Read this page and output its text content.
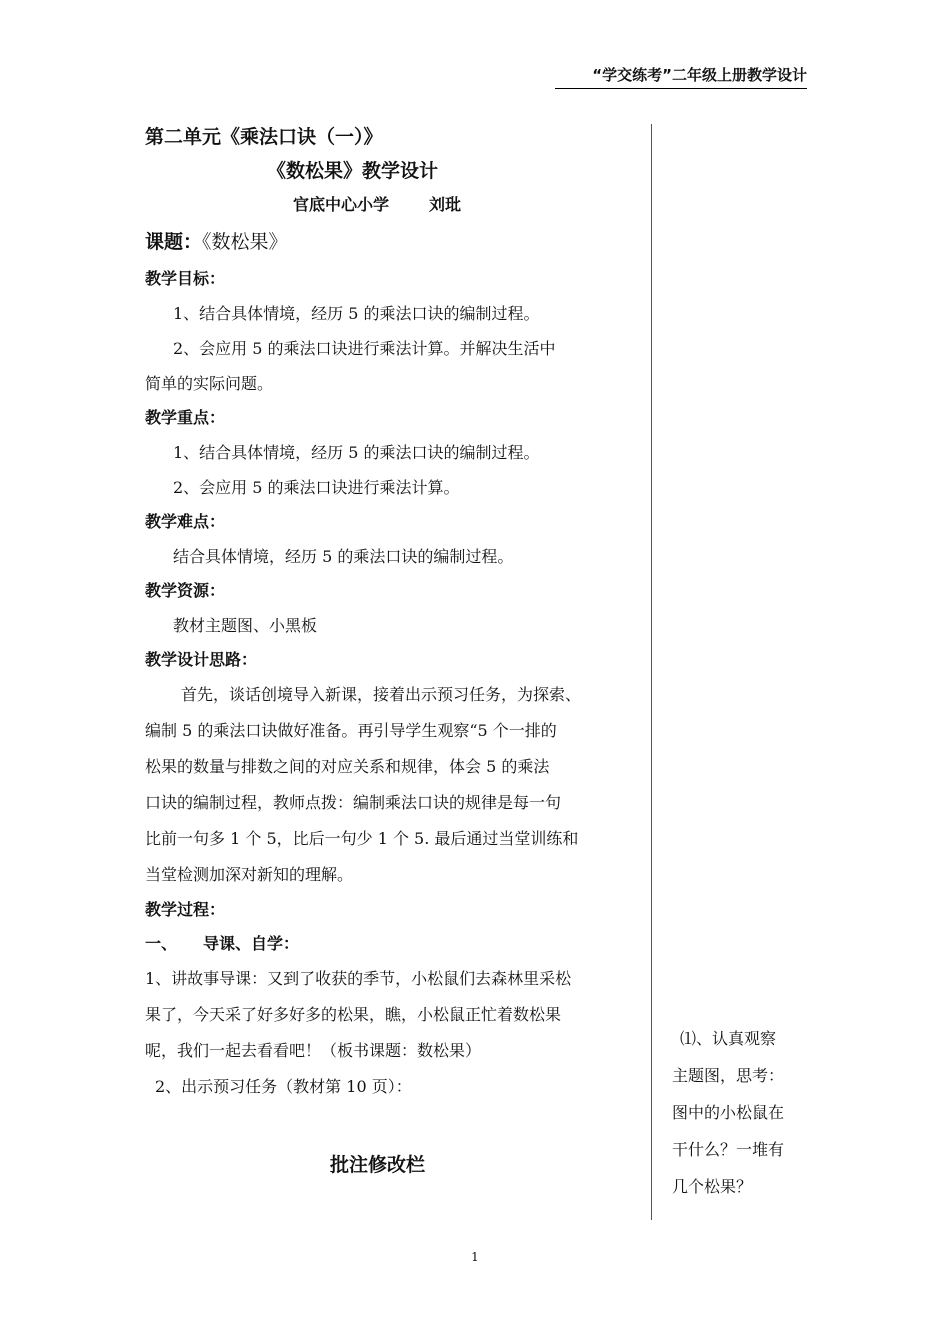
“学交练考”二年级上册教学设计
第二单元《乘法口诀（一）》
《数松果》教学设计
官底中心小学	刘玭
课题：《数松果》
教学目标：
1、结合具体情境，经历 5 的乘法口诀的编制过程。
2、会应用 5 的乘法口诀进行乘法计算。并解决生活中
简单的实际问题。
教学重点：
1、结合具体情境，经历 5 的乘法口诀的编制过程。
2、会应用 5 的乘法口诀进行乘法计算。
教学难点：
结合具体情境，经历 5 的乘法口诀的编制过程。
教学资源：
教材主题图、小黑板
教学设计思路：
首先，谈话创境导入新课，接着出示预习任务，为探索、
编制 5 的乘法口诀做好准备。再引导学生观察“5 个一排的
松果的数量与排数之间的对应关系和规律，体会 5 的乘法
口诀的编制过程，教师点拨：编制乘法口诀的规律是每一句
比前一句多 1 个 5，比后一句少 1 个 5. 最后通过当堂训练和
当堂检测加深对新知的理解。
教学过程：
一、 导课、自学：
1、讲故事导课：又到了收获的季节，小松鼠们去森林里采松
果了，今天采了好多好多的松果，瞧，小松鼠正忙着数松果
呢，我们一起去看看吧！（板书课题：数松果）
2、出示预习任务（教材第 10 页）：
批注修改栏
⑴、认真观察
主题图，思考：
图中的小松鼠在
干什么？一堆有
几个松果？
1
